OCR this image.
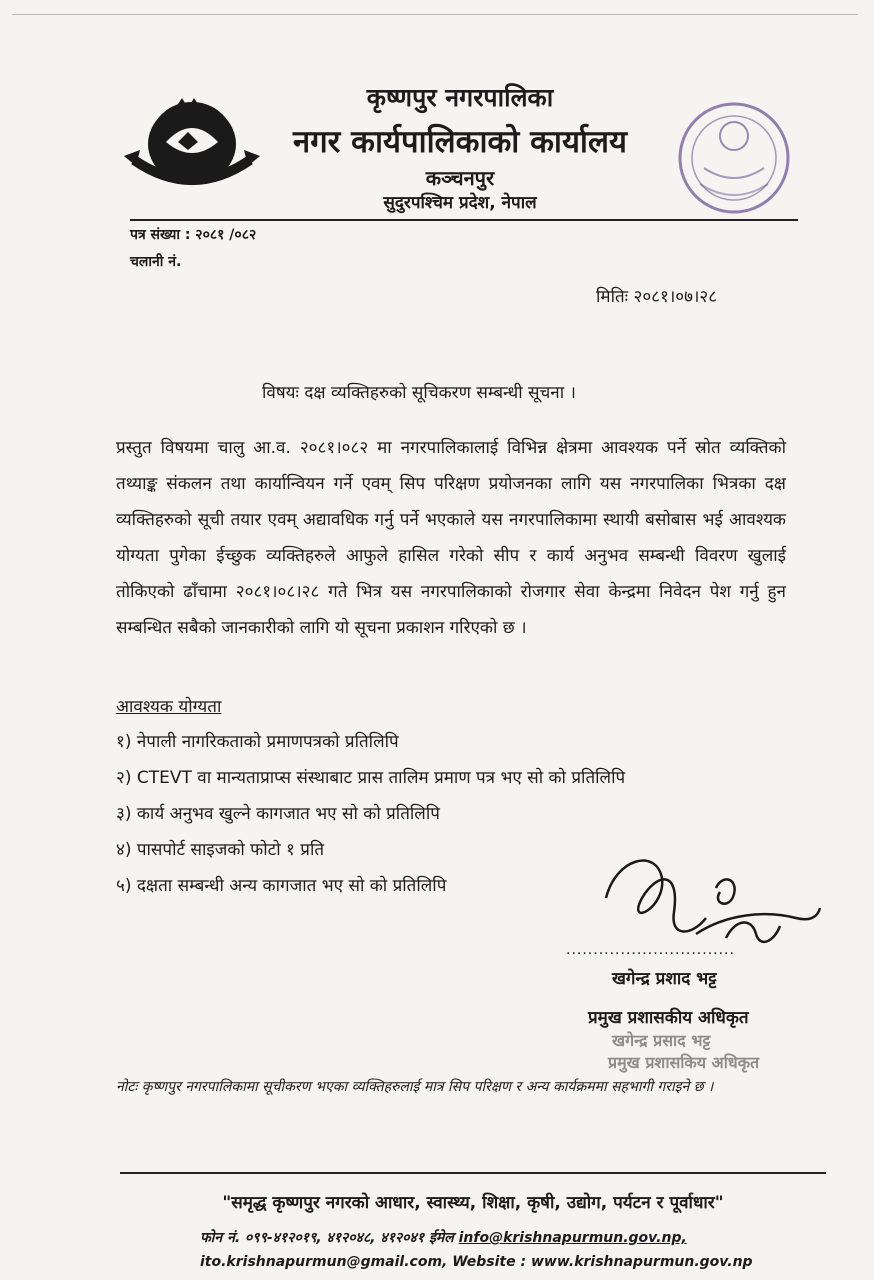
कृष्णपुर नगरपालिका
नगर कार्यपालिकाको कार्यालय
कञ्चनपुर
सुदुरपश्चिम प्रदेश, नेपाल
पत्र संख्या : २०८१ /०८२
चलानी नं.
मितिः २०८१।०७।२८
विषयः दक्ष व्यक्तिहरुको सूचिकरण सम्बन्धी सूचना ।
प्रस्तुत विषयमा चालु आ.व. २०८१।०८२ मा नगरपालिकालाई विभिन्न क्षेत्रमा आवश्यक पर्ने स्रोत व्यक्तिको तथ्याङ्क संकलन तथा कार्यान्वियन गर्ने एवम् सिप परिक्षण प्रयोजनका लागि यस नगरपालिका भित्रका दक्ष व्यक्तिहरुको सूची तयार एवम् अद्यावधिक गर्नु पर्ने भएकाले यस नगरपालिकामा स्थायी बसोबास भई आवश्यक योग्यता पुगेका ईच्छुक व्यक्तिहरुले आफुले हासिल गरेको सीप र कार्य अनुभव सम्बन्धी विवरण खुलाई तोकिएको ढाँचामा २०८१।०८।२८ गते भित्र यस नगरपालिकाको रोजगार सेवा केन्द्रमा निवेदन पेश गर्नु हुन सम्बन्धित सबैको जानकारीको लागि यो सूचना प्रकाशन गरिएको छ ।
आवश्यक योग्यता
१) नेपाली नागरिकताको प्रमाणपत्रको प्रतिलिपि
२) CTEVT वा मान्यताप्राप्स संस्थाबाट प्रास तालिम प्रमाण पत्र भए सो को प्रतिलिपि
३) कार्य अनुभव खुल्ने कागजात भए सो को प्रतिलिपि
४) पासपोर्ट साइजको फोटो १ प्रति
५) दक्षता सम्बन्धी अन्य कागजात भए सो को प्रतिलिपि
...............................
खगेन्द्र प्रशाद भट्ट
प्रमुख प्रशासकीय अधिकृत
खगेन्द्र प्रसाद भट्ट
प्रमुख प्रशासकिय अधिकृत
नोटः कृष्णपुर नगरपालिकामा सूचीकरण भएका व्यक्तिहरुलाई मात्र सिप परिक्षण र अन्य कार्यक्रममा सहभागी गराइने छ ।
"समृद्ध कृष्णपुर नगरको आधार, स्वास्थ्य, शिक्षा, कृषी, उद्योग, पर्यटन र पूर्वाधार"
फोन नं. ०९९-४१२०१९, ४१२०४८, ४१२०४१ ईमेल info@krishnapurmun.gov.np,
ito.krishnapurmun@gmail.com, Website : www.krishnapurmun.gov.np
